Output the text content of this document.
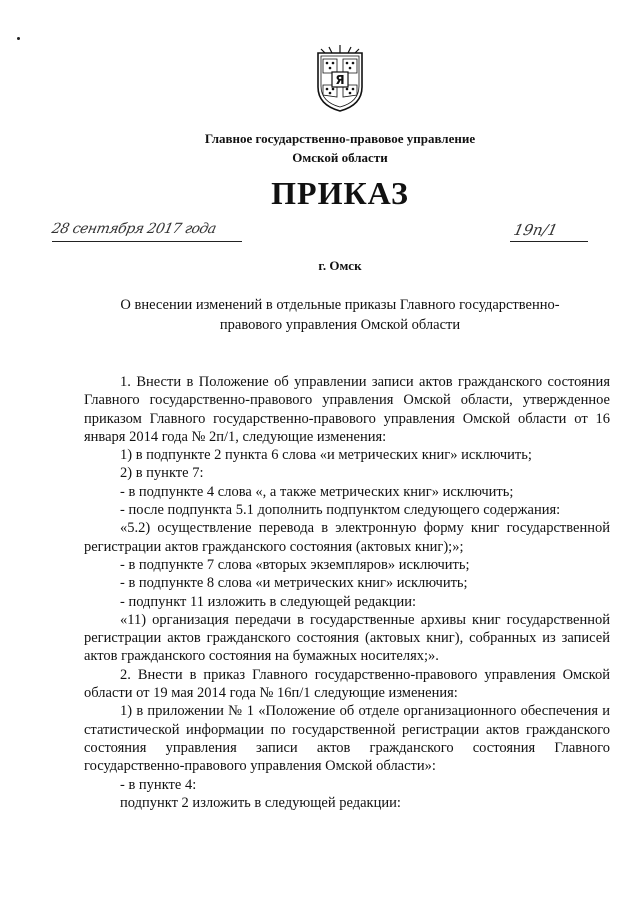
Я
Главное государственно-правовое управление
Омской области
ПРИКАЗ
28 сентября 2017 года	19п/1
г. Омск
О внесении изменений в отдельные приказы Главного государственно-правового управления Омской области

1. Внести в Положение об управлении записи актов гражданского состояния Главного государственно-правового управления Омской области, утвержденное приказом Главного государственно-правового управления Омской области от 16 января 2014 года № 2п/1, следующие изменения:

1) в подпункте 2 пункта 6 слова «и метрических книг» исключить;

2) в пункте 7:

- в подпункте 4 слова «, а также метрических книг» исключить;

- после подпункта 5.1 дополнить подпунктом следующего содержания:

«5.2) осуществление перевода в электронную форму книг государственной регистрации актов гражданского состояния (актовых книг);»;

- в подпункте 7 слова «вторых экземпляров» исключить;

- в подпункте 8 слова «и метрических книг» исключить;

- подпункт 11 изложить в следующей редакции:

«11) организация передачи в государственные архивы книг государственной регистрации актов гражданского состояния (актовых книг), собранных из записей актов гражданского состояния на бумажных носителях;».

2. Внести в приказ Главного государственно-правового управления Омской области от 19 мая 2014 года № 16п/1 следующие изменения:

1) в приложении № 1 «Положение об отделе организационного обеспечения и статистической информации по государственной регистрации актов гражданского состояния управления записи актов гражданского состояния Главного государственно-правового управления Омской области»:

- в пункте 4:

подпункт 2 изложить в следующей редакции:
